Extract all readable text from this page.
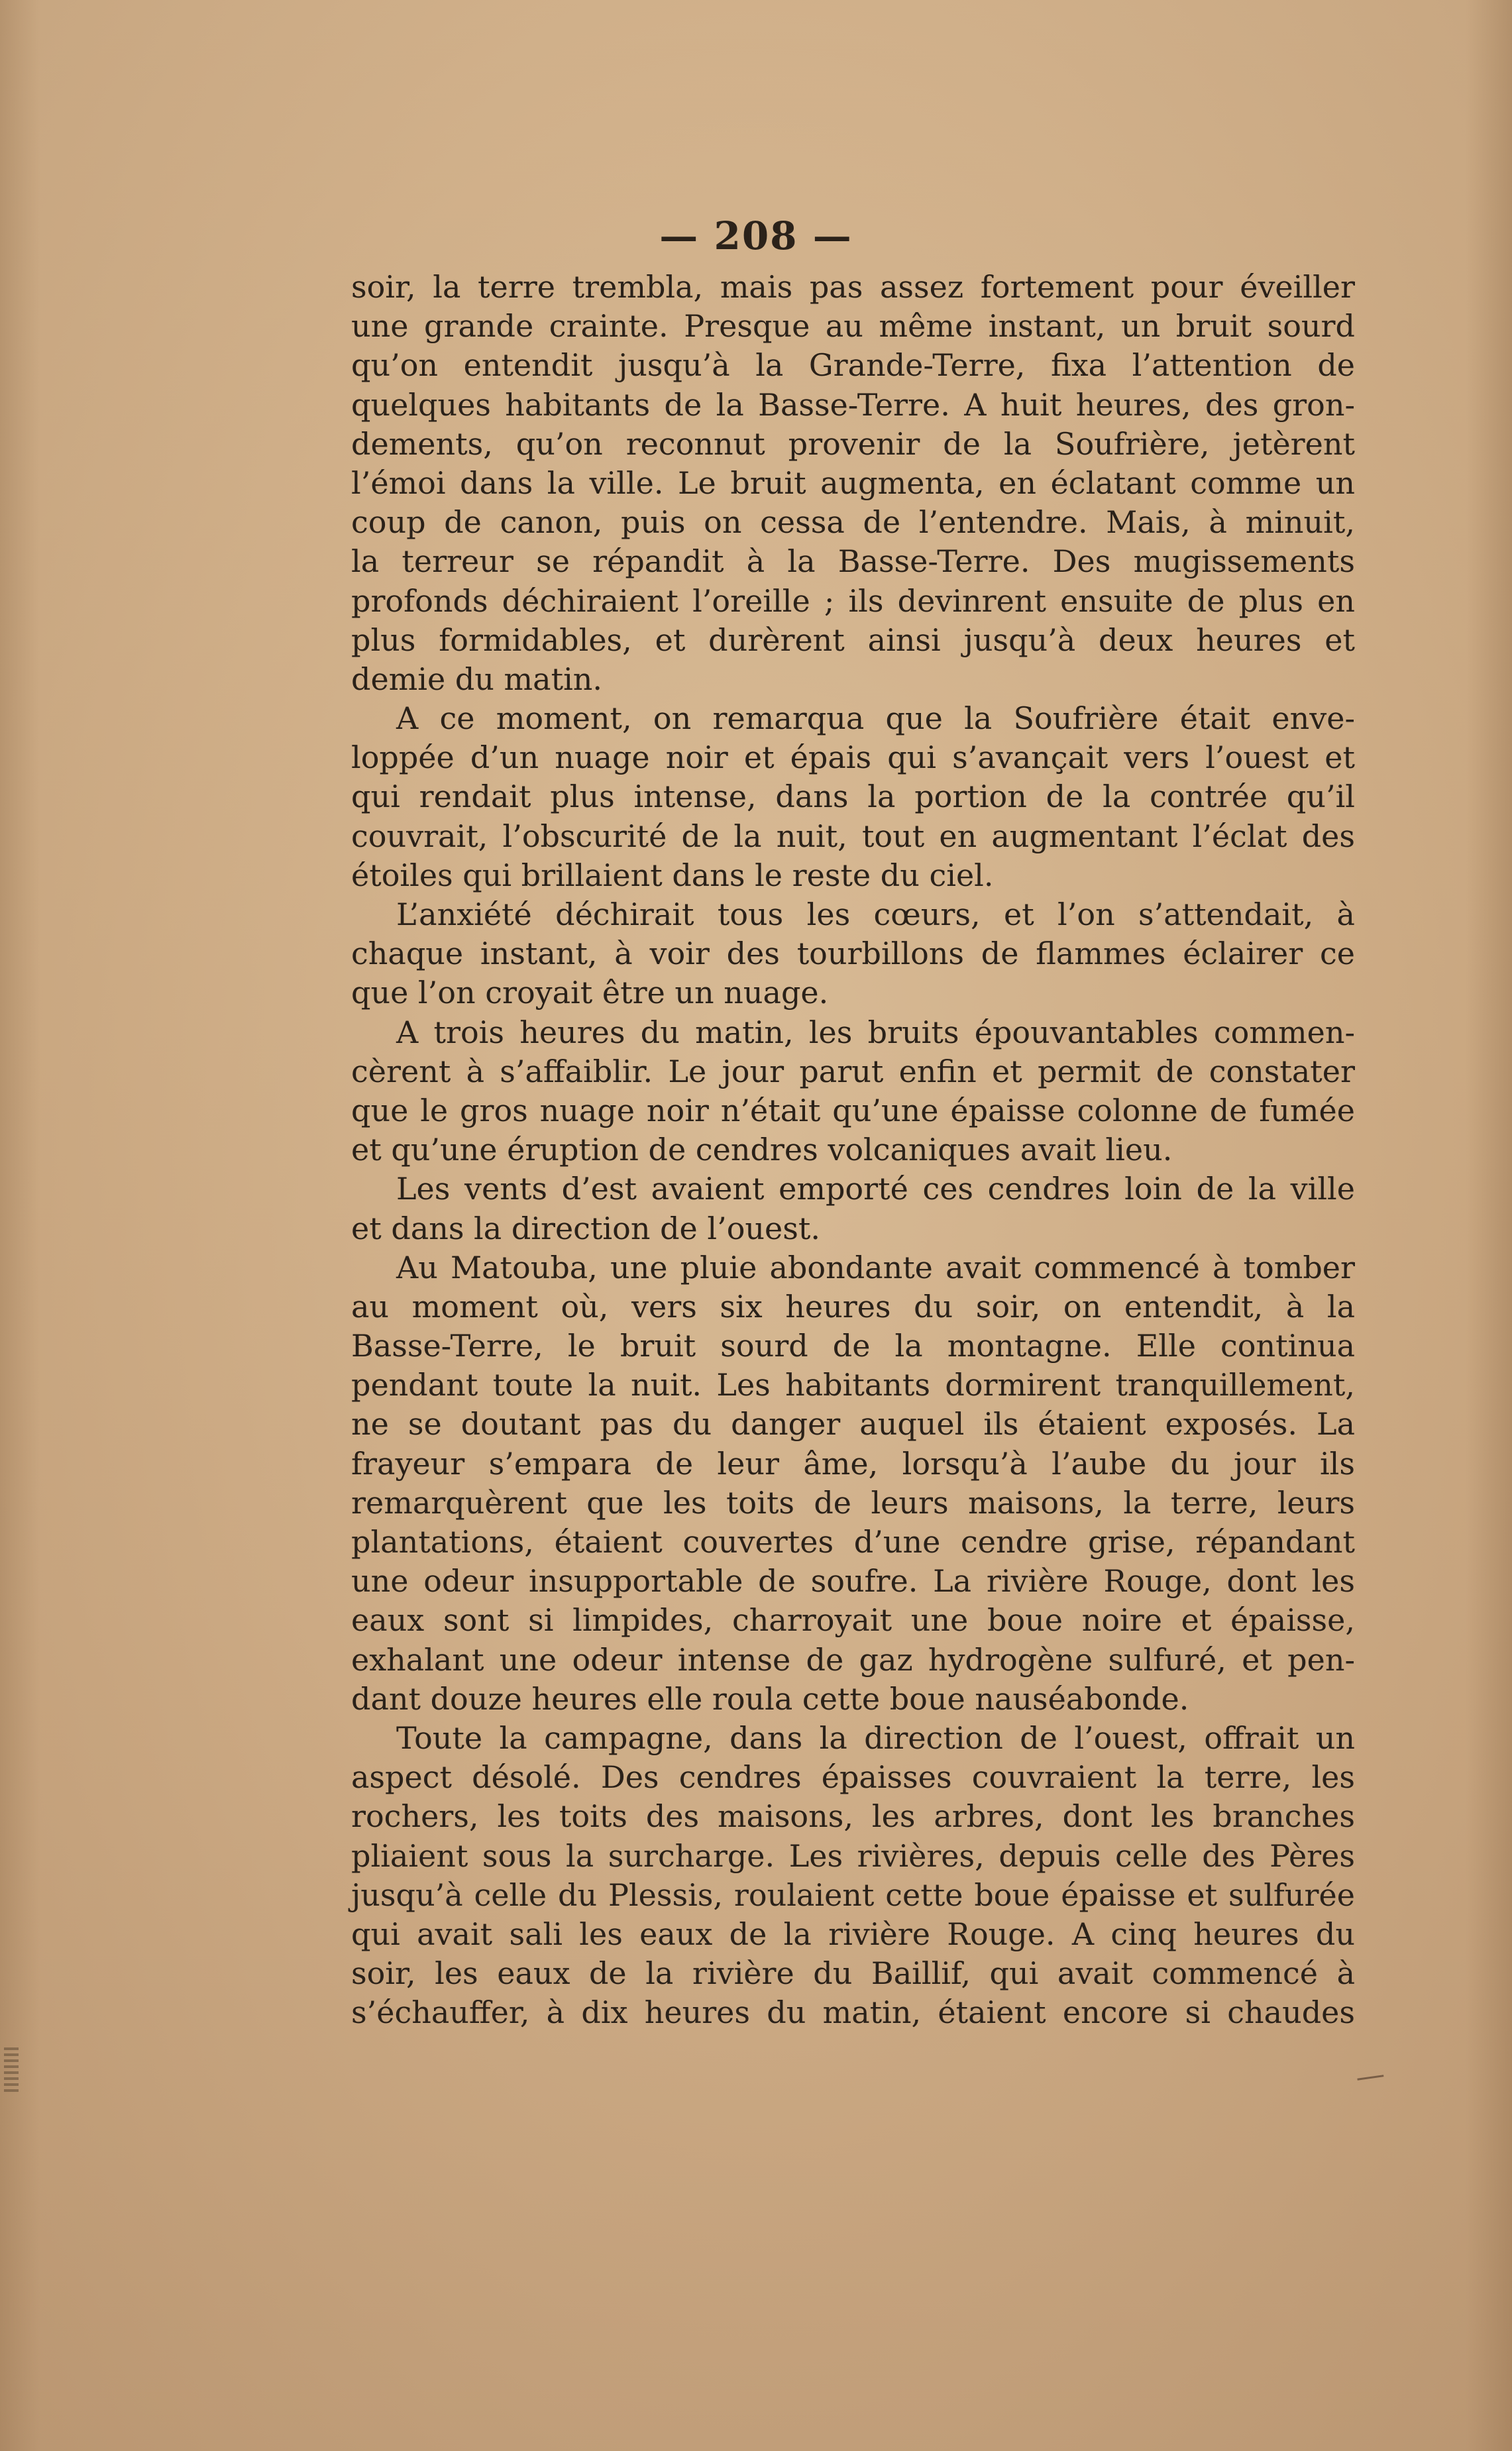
— 208 —
soir, la terre trembla, mais pas assez fortement pour éveiller
une grande crainte. Presque au même instant, un bruit sourd
qu’on entendit jusqu’à la Grande-Terre, fixa l’attention de
quelques habitants de la Basse-Terre. A huit heures, des gron-
dements, qu’on reconnut provenir de la Soufrière, jetèrent
l’émoi dans la ville. Le bruit augmenta, en éclatant comme un
coup de canon, puis on cessa de l’entendre. Mais, à minuit,
la terreur se répandit à la Basse-Terre. Des mugissements
profonds déchiraient l’oreille ; ils devinrent ensuite de plus en
plus formidables, et durèrent ainsi jusqu’à deux heures et
demie du matin.
A ce moment, on remarqua que la Soufrière était enve-
loppée d’un nuage noir et épais qui s’avançait vers l’ouest et
qui rendait plus intense, dans la portion de la contrée qu’il
couvrait, l’obscurité de la nuit, tout en augmentant l’éclat des
étoiles qui brillaient dans le reste du ciel.
L’anxiété déchirait tous les cœurs, et l’on s’attendait, à
chaque instant, à voir des tourbillons de flammes éclairer ce
que l’on croyait être un nuage.
A trois heures du matin, les bruits épouvantables commen-
cèrent à s’affaiblir. Le jour parut enfin et permit de constater
que le gros nuage noir n’était qu’une épaisse colonne de fumée
et qu’une éruption de cendres volcaniques avait lieu.
Les vents d’est avaient emporté ces cendres loin de la ville
et dans la direction de l’ouest.
Au Matouba, une pluie abondante avait commencé à tomber
au moment où, vers six heures du soir, on entendit, à la
Basse-Terre, le bruit sourd de la montagne. Elle continua
pendant toute la nuit. Les habitants dormirent tranquillement,
ne se doutant pas du danger auquel ils étaient exposés. La
frayeur s’empara de leur âme, lorsqu’à l’aube du jour ils
remarquèrent que les toits de leurs maisons, la terre, leurs
plantations, étaient couvertes d’une cendre grise, répandant
une odeur insupportable de soufre. La rivière Rouge, dont les
eaux sont si limpides, charroyait une boue noire et épaisse,
exhalant une odeur intense de gaz hydrogène sulfuré, et pen-
dant douze heures elle roula cette boue nauséabonde.
Toute la campagne, dans la direction de l’ouest, offrait un
aspect désolé. Des cendres épaisses couvraient la terre, les
rochers, les toits des maisons, les arbres, dont les branches
pliaient sous la surcharge. Les rivières, depuis celle des Pères
jusqu’à celle du Plessis, roulaient cette boue épaisse et sulfurée
qui avait sali les eaux de la rivière Rouge. A cinq heures du
soir, les eaux de la rivière du Baillif, qui avait commencé à
s’échauffer, à dix heures du matin, étaient encore si chaudes
